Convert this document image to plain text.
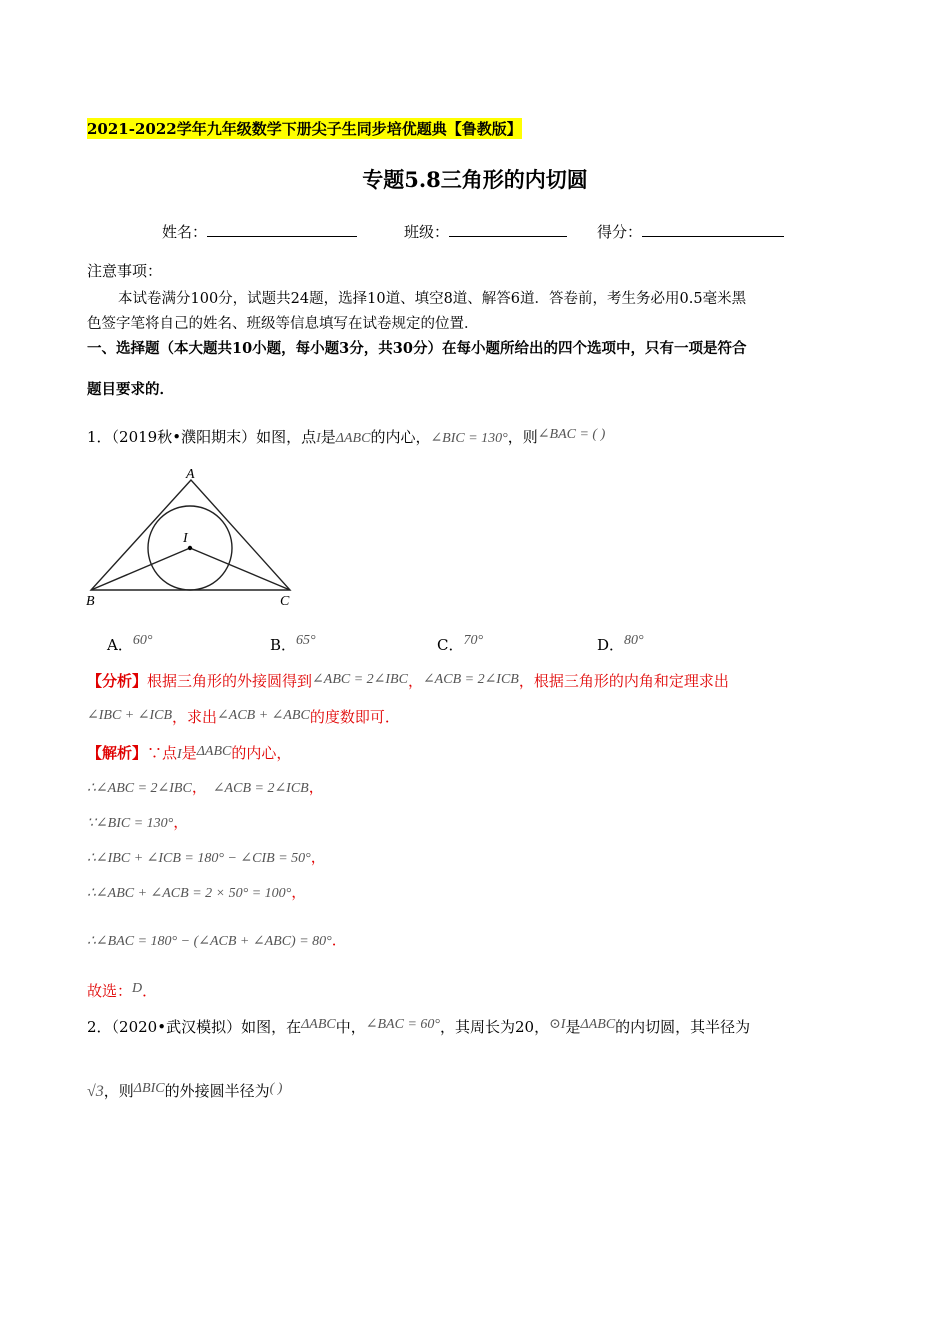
2021-2022学年九年级数学下册尖子生同步培优题典【鲁教版】
专题5.8三角形的内切圆
姓名：	班级：	得分：
注意事项：
本试卷满分100分，试题共24题，选择10道、填空8道、解答6道．答卷前，考生务必用0.5毫米黑
色签字笔将自己的姓名、班级等信息填写在试卷规定的位置．
一、选择题（本大题共10小题，每小题3分，共30分）在每小题所给出的四个选项中，只有一项是符合
题目要求的．
1．（2019秋•濮阳期末）如图，点I是ΔABC的内心，∠BIC = 130°，则∠BAC = ( )
A
I
B	C
A．60°	B．65°	C．70°	D．80°
【分析】根据三角形的外接圆得到∠ABC = 2∠IBC，∠ACB = 2∠ICB，根据三角形的内角和定理求出
∠IBC + ∠ICB，求出∠ACB + ∠ABC的度数即可．
【解析】∵点I是ΔABC的内心，
∴∠ABC = 2∠IBC， ∠ACB = 2∠ICB，
∵∠BIC = 130°，
∴∠IBC + ∠ICB = 180° − ∠CIB = 50°，
∴∠ABC + ∠ACB = 2 × 50° = 100°，
∴∠BAC = 180° − (∠ACB + ∠ABC) = 80°．
故选：D．
2．（2020•武汉模拟）如图，在ΔABC中，∠BAC = 60°，其周长为20，⊙I是ΔABC的内切圆，其半径为
√3，则ΔBIC的外接圆半径为( )
